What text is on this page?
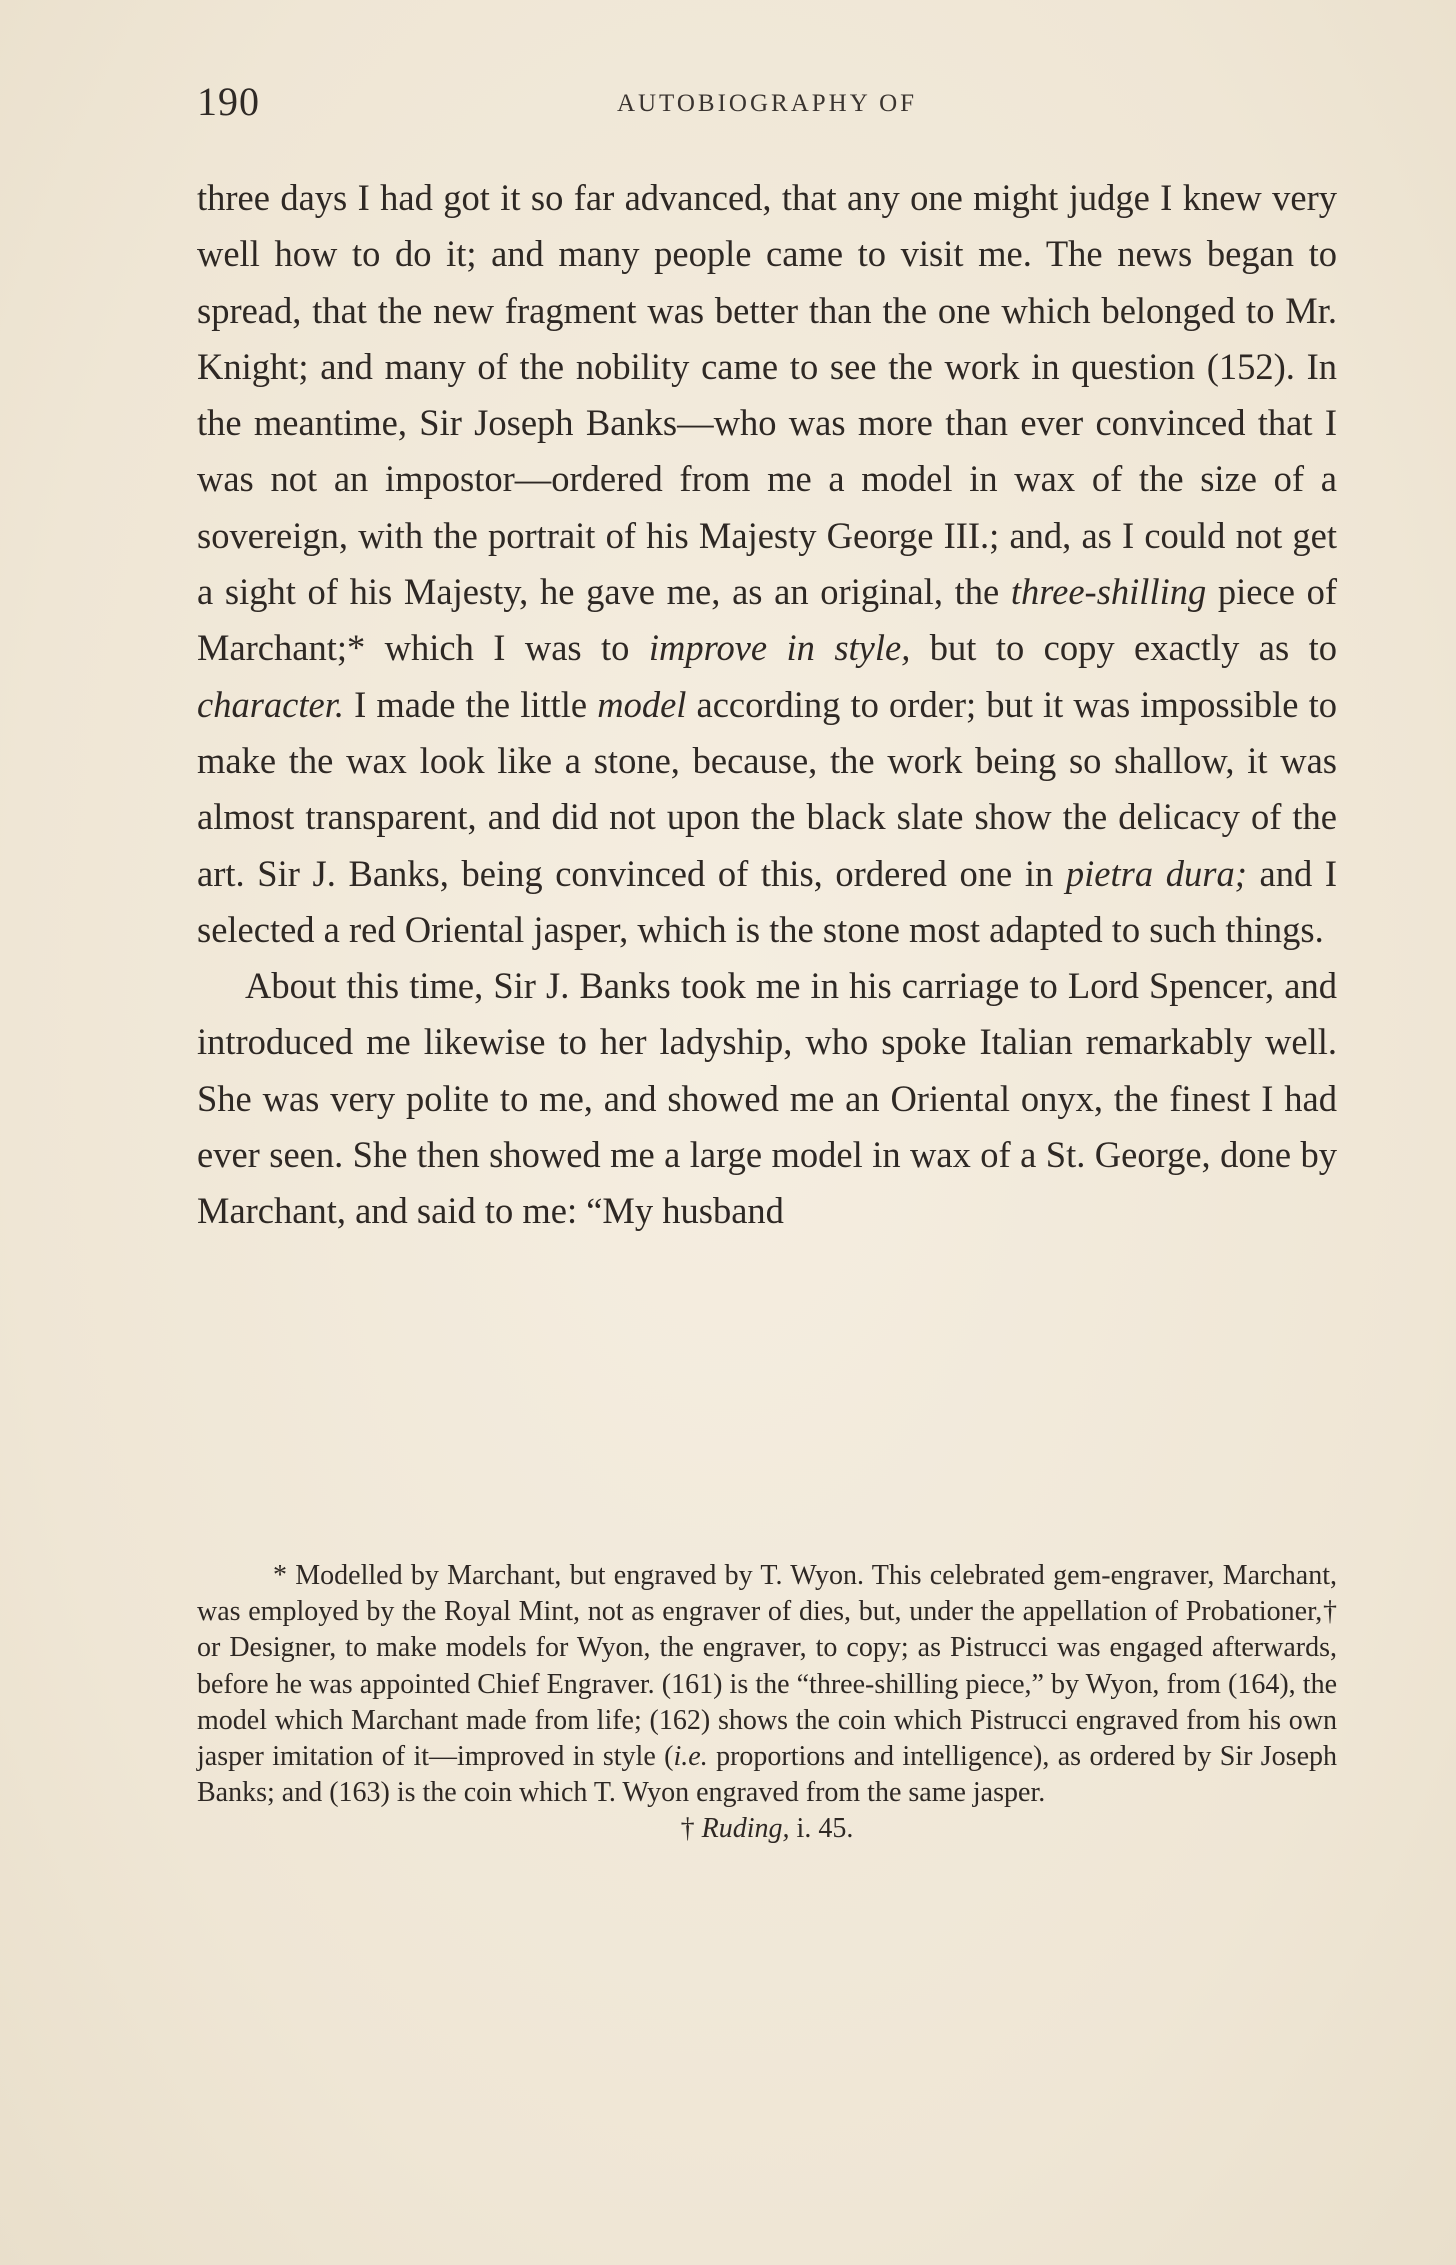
190	AUTOBIOGRAPHY OF

three days I had got it so far advanced, that any one might judge I knew very well how to do it; and many people came to visit me. The news began to spread, that the new fragment was better than the one which belonged to Mr. Knight; and many of the nobility came to see the work in question (152). In the meantime, Sir Joseph Banks—who was more than ever convinced that I was not an impostor—ordered from me a model in wax of the size of a sovereign, with the portrait of his Majesty George III.; and, as I could not get a sight of his Majesty, he gave me, as an original, the three-shilling piece of Marchant;* which I was to improve in style, but to copy exactly as to character. I made the little model according to order; but it was impossible to make the wax look like a stone, because, the work being so shallow, it was almost transparent, and did not upon the black slate show the delicacy of the art. Sir J. Banks, being convinced of this, ordered one in pietra dura; and I selected a red Oriental jasper, which is the stone most adapted to such things.

About this time, Sir J. Banks took me in his carriage to Lord Spencer, and introduced me likewise to her ladyship, who spoke Italian remarkably well. She was very polite to me, and showed me an Oriental onyx, the finest I had ever seen. She then showed me a large model in wax of a St. George, done by Marchant, and said to me: “My husband

* Modelled by Marchant, but engraved by T. Wyon. This celebrated gem-engraver, Marchant, was employed by the Royal Mint, not as engraver of dies, but, under the appellation of Probationer,† or Designer, to make models for Wyon, the engraver, to copy; as Pistrucci was engaged afterwards, before he was appointed Chief Engraver. (161) is the “three-shilling piece,” by Wyon, from (164), the model which Marchant made from life; (162) shows the coin which Pistrucci engraved from his own jasper imitation of it—improved in style (i.e. proportions and intelligence), as ordered by Sir Joseph Banks; and (163) is the coin which T. Wyon engraved from the same jasper.

† Ruding, i. 45.
